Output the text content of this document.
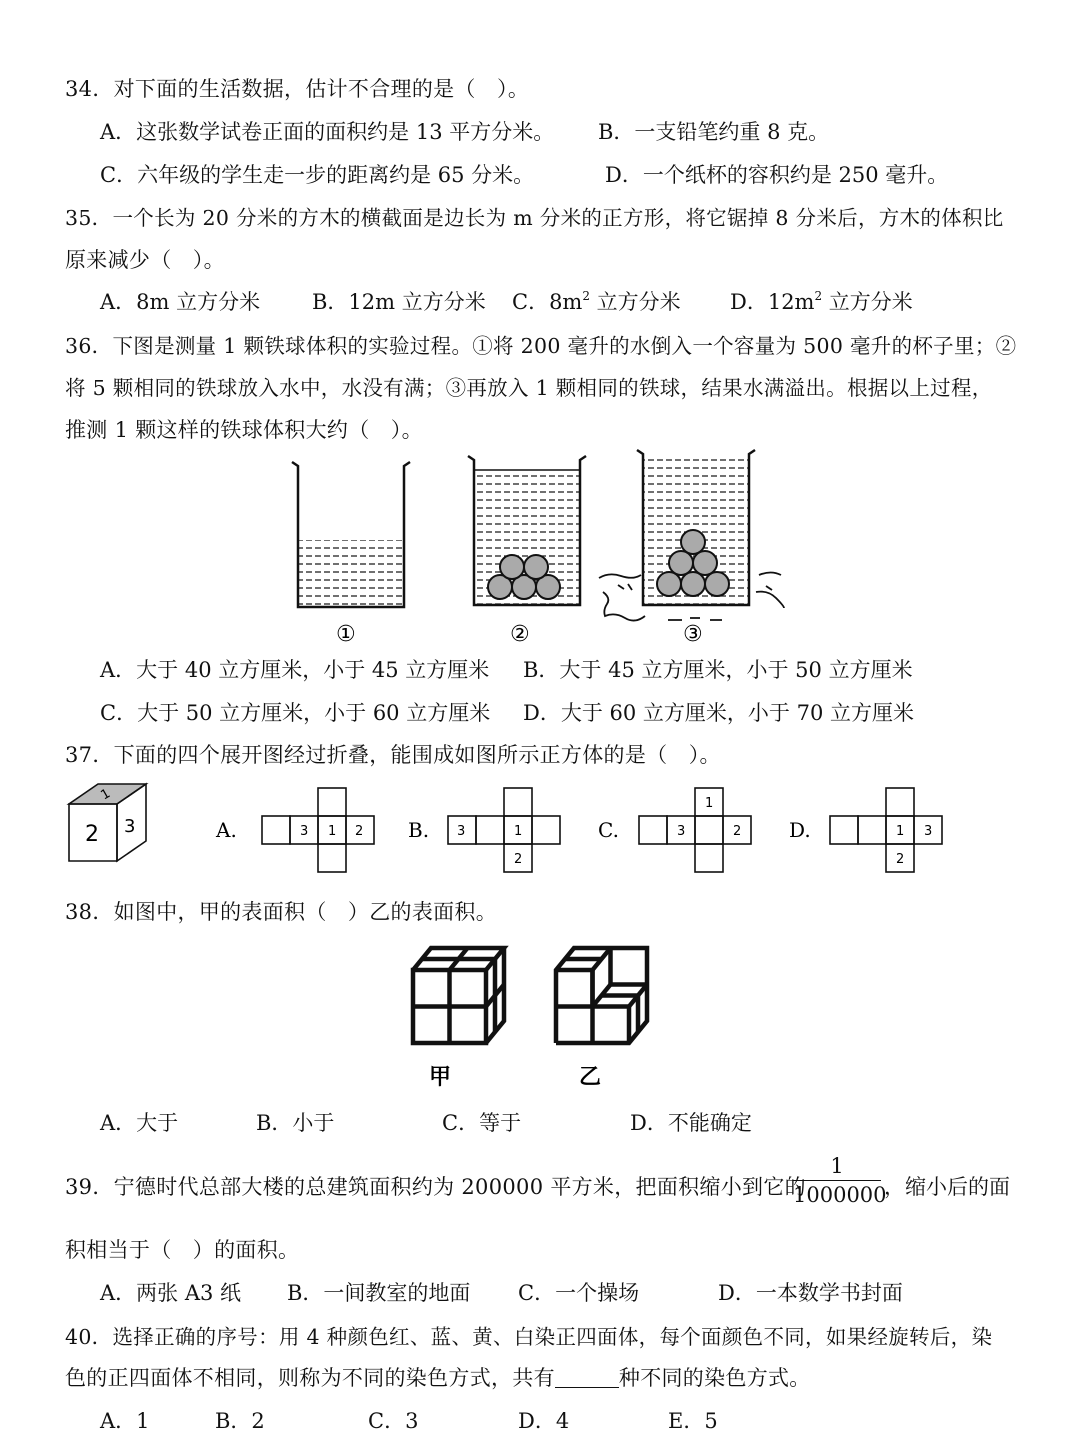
34．对下面的生活数据，估计不合理的是（　）。
A．这张数学试卷正面的面积约是 13 平方分米。 B．一支铅笔约重 8 克。
C．六年级的学生走一步的距离约是 65 分米。	D．一个纸杯的容积约是 250 毫升。
35．一个长为 20 分米的方木的横截面是边长为 m 分米的正方形，将它锯掉 8 分米后，方木的体积比
原来减少（　）。
A．8m 立方分米 B．12m 立方分米 C．$8m^2$ 立方分米 D．$12m^2$ 立方分米
36．下图是测量 1 颗铁球体积的实验过程。①将 200 毫升的水倒入一个容量为 500 毫升的杯子里；②
将 5 颗相同的铁球放入水中，水没有满；③再放入 1 颗相同的铁球，结果水满溢出。根据以上过程，
推测 1 颗这样的铁球体积大约（　）。
①	②	③
A．大于 40 立方厘米，小于 45 立方厘米 B．大于 45 立方厘米，小于 50 立方厘米
C．大于 50 立方厘米，小于 60 立方厘米 D．大于 60 立方厘米，小于 70 立方厘米
37．下面的四个展开图经过折叠，能围成如图所示正方体的是（　）。
1
2 3	A.	B.	C.	D.
3 1 2	3	1
2
1
3	2	1 3
2
38．如图中，甲的表面积（　）乙的表面积。
甲	乙
A．大于	B．小于	C．等于	D．不能确定
39．宁德时代总部大楼的总建筑面积约为 200000 平方米，把面积缩小到它的
1
1000000
，缩小后的面
积相当于（　）的面积。
A．两张 A3 纸 B．一间教室的地面 C．一个操场	D．一本数学书封面
40．选择正确的序号：用 4 种颜色红、蓝、黄、白染正四面体，每个面颜色不同，如果经旋转后，染
色的正四面体不相同，则称为不同的染色方式，共有	种不同的染色方式。
A．1	B．2	C．3	D．4	E．5
